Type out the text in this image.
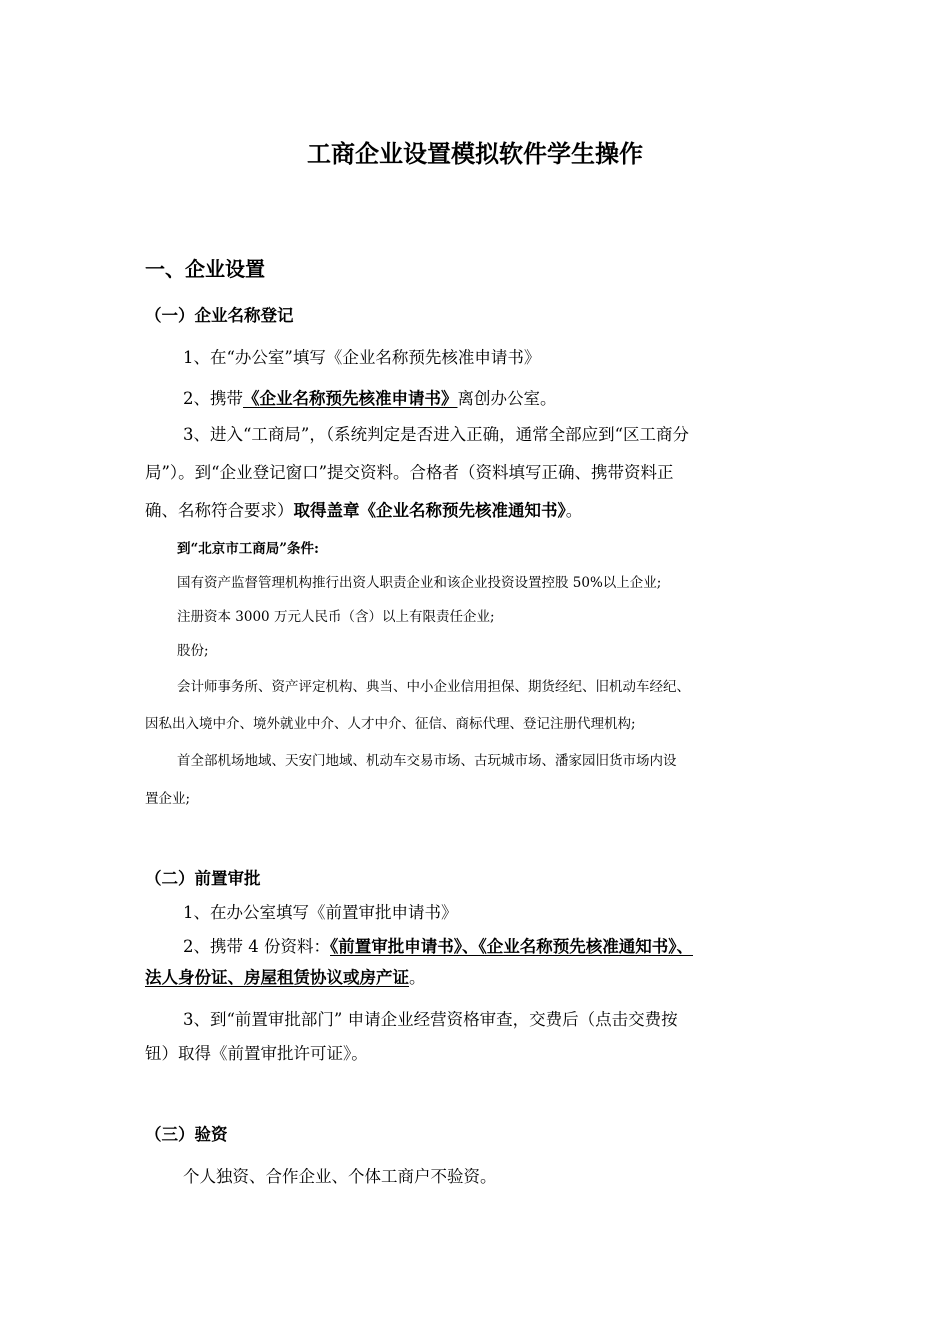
工商企业设置模拟软件学生操作
一、企业设置
（一）企业名称登记
1、在“办公室”填写《企业名称预先核准申请书》
2、携带《企业名称预先核准申请书》离创办公室。
3、进入“工商局”，（系统判定是否进入正确，通常全部应到“区工商分
局”）。到“企业登记窗口”提交资料。合格者（资料填写正确、携带资料正
确、名称符合要求）取得盖章《企业名称预先核准通知书》。
到“北京市工商局”条件:
国有资产监督管理机构推行出资人职责企业和该企业投资设置控股 50%以上企业;
注册资本 3000 万元人民币（含）以上有限责任企业;
股份;
会计师事务所、资产评定机构、典当、中小企业信用担保、期货经纪、旧机动车经纪、
因私出入境中介、境外就业中介、人才中介、征信、商标代理、登记注册代理机构;
首全部机场地域、天安门地域、机动车交易市场、古玩城市场、潘家园旧货市场内设
置企业;
（二）前置审批
1、在办公室填写《前置审批申请书》
2、携带 4 份资料：《前置审批申请书》、《企业名称预先核准通知书》、
法人身份证、房屋租赁协议或房产证。
3、到“前置审批部门” 申请企业经营资格审查，交费后（点击交费按
钮）取得《前置审批许可证》。
（三）验资
个人独资、合作企业、个体工商户不验资。
